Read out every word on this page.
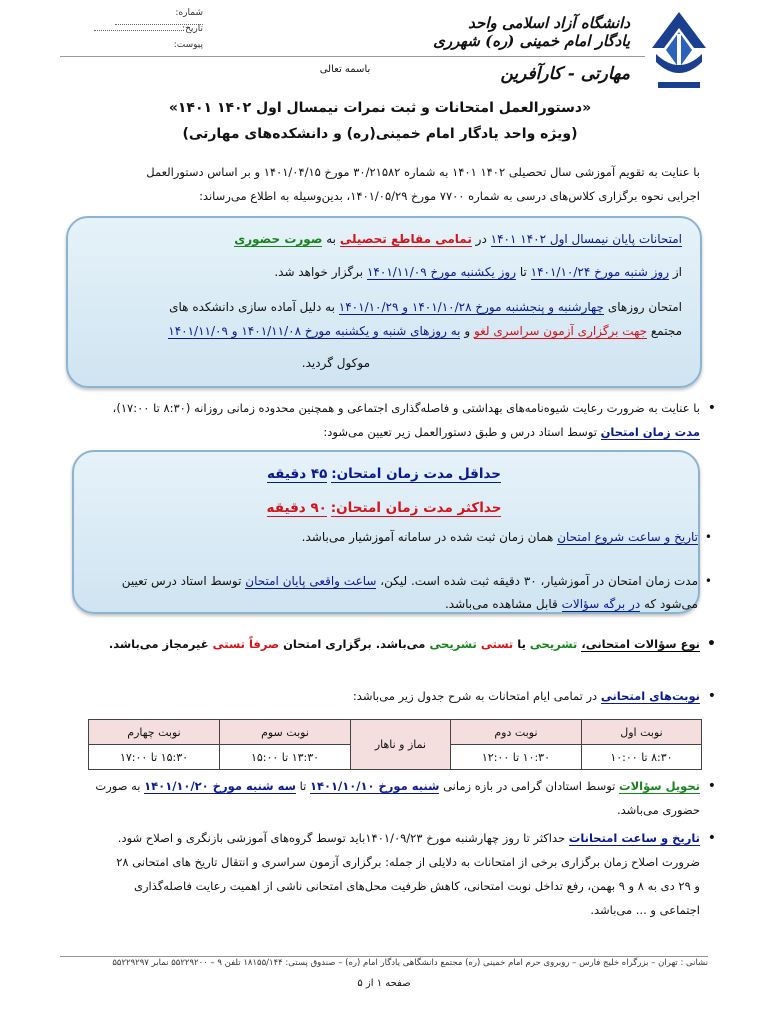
دانشگاه آزاد اسلامی واحد یادگار امام خمینی (ره) شهرری
مهارتی - کارآفرین
باسمه تعالی
شماره:
تاریخ:
پیوست:
«دستورالعمل امتحانات و ثبت نمرات نیمسال اول ۱۴۰۲ ۱۴۰۱»
(ویژه واحد یادگار امام خمینی(ره) و دانشکده‌های مهارتی)
با عنایت به تقویم آموزشی سال تحصیلی ۱۴۰۲ ۱۴۰۱ به شماره ۳۰/۲۱۵۸۲ مورخ ۱۴۰۱/۰۴/۱۵ و بر اساس دستورالعمل
اجرایی نحوه برگزاری کلاس‌های درسی به شماره ۷۷۰۰ مورخ ۱۴۰۱/۰۵/۲۹، بدین‌وسیله به اطلاع می‌رساند:
امتحانات پایان نیمسال اول ۱۴۰۲ ۱۴۰۱ در تمامی مقاطع تحصیلی به صورت حضوری
از روز شنبه مورخ ۱۴۰۱/۱۰/۲۴ تا روز یکشنبه مورخ ۱۴۰۱/۱۱/۰۹ برگزار خواهد شد.
امتحان روزهای چهارشنبه و پنجشنبه مورخ ۱۴۰۱/۱۰/۲۸ و ۱۴۰۱/۱۰/۲۹ به دلیل آماده سازی دانشکده های
مجتمع جهت برگزاری آزمون سراسری لغو و به روزهای شنبه و یکشنبه مورخ ۱۴۰۱/۱۱/۰۸ و ۱۴۰۱/۱۱/۰۹
موکول گردید.
• با عنایت به ضرورت رعایت شیوه‌نامه‌های بهداشتی و فاصله‌گذاری اجتماعی و همچنین محدوده زمانی روزانه (۸:۳۰ تا ۱۷:۰۰)،
مدت زمان امتحان توسط استاد درس و طبق دستورالعمل زیر تعیین می‌شود:
حداقل مدت زمان امتحان: ۴۵ دقیقه
حداکثر مدت زمان امتحان: ۹۰ دقیقه
• تاریخ و ساعت شروع امتحان همان زمان ثبت شده در سامانه آموزشیار می‌باشد.
• مدت زمان امتحان در آموزشیار، ۳۰ دقیقه ثبت شده است. لیکن، ساعت واقعی پایان امتحان توسط استاد درس تعیین
می‌شود که در برگه سؤالات قابل مشاهده می‌باشد.
• نوع سؤالات امتحانی، تشریحی یا تستی تشریحی می‌باشد. برگزاری امتحان صرفاً تستی غیرمجاز می‌باشد.
• نوبت‌های امتحانی در تمامی ایام امتحانات به شرح جدول زیر می‌باشد:
نوبت اول	نوبت دوم	نماز و ناهار	نوبت سوم	نوبت چهارم
۸:۳۰ تا ۱۰:۰۰	۱۰:۳۰ تا ۱۲:۰۰		۱۳:۳۰ تا ۱۵:۰۰	۱۵:۳۰ تا ۱۷:۰۰
• تحویل سؤالات توسط استادان گرامی در بازه زمانی شنبه مورخ ۱۴۰۱/۱۰/۱۰ تا سه شنبه مورخ ۱۴۰۱/۱۰/۲۰ به صورت
حضوری می‌باشد.
• تاریخ و ساعت امتحانات حداکثر تا روز چهارشنبه مورخ ۱۴۰۱/۰۹/۲۳باید توسط گروه‌های آموزشی بازنگری و اصلاح شود.
ضرورت اصلاح زمان برگزاری برخی از امتحانات به دلایلی از جمله: برگزاری آزمون سراسری و انتقال تاریخ های امتحانی ۲۸
و ۲۹ دی به ۸ و ۹ بهمن، رفع تداخل نوبت امتحانی، کاهش ظرفیت محل‌های امتحانی ناشی از اهمیت رعایت فاصله‌گذاری
اجتماعی و ... می‌باشد.
نشانی : تهران – بزرگراه خلیج فارس – روبروی حرم امام خمینی (ره) مجتمع دانشگاهی یادگار امام (ره) – صندوق پستی: ۱۸۱۵۵/۱۴۴ تلفن ۹ – ۵۵۲۲۹۲۰۰ نمابر ۵۵۲۲۹۲۹۷
صفحه ۱ از ۵
